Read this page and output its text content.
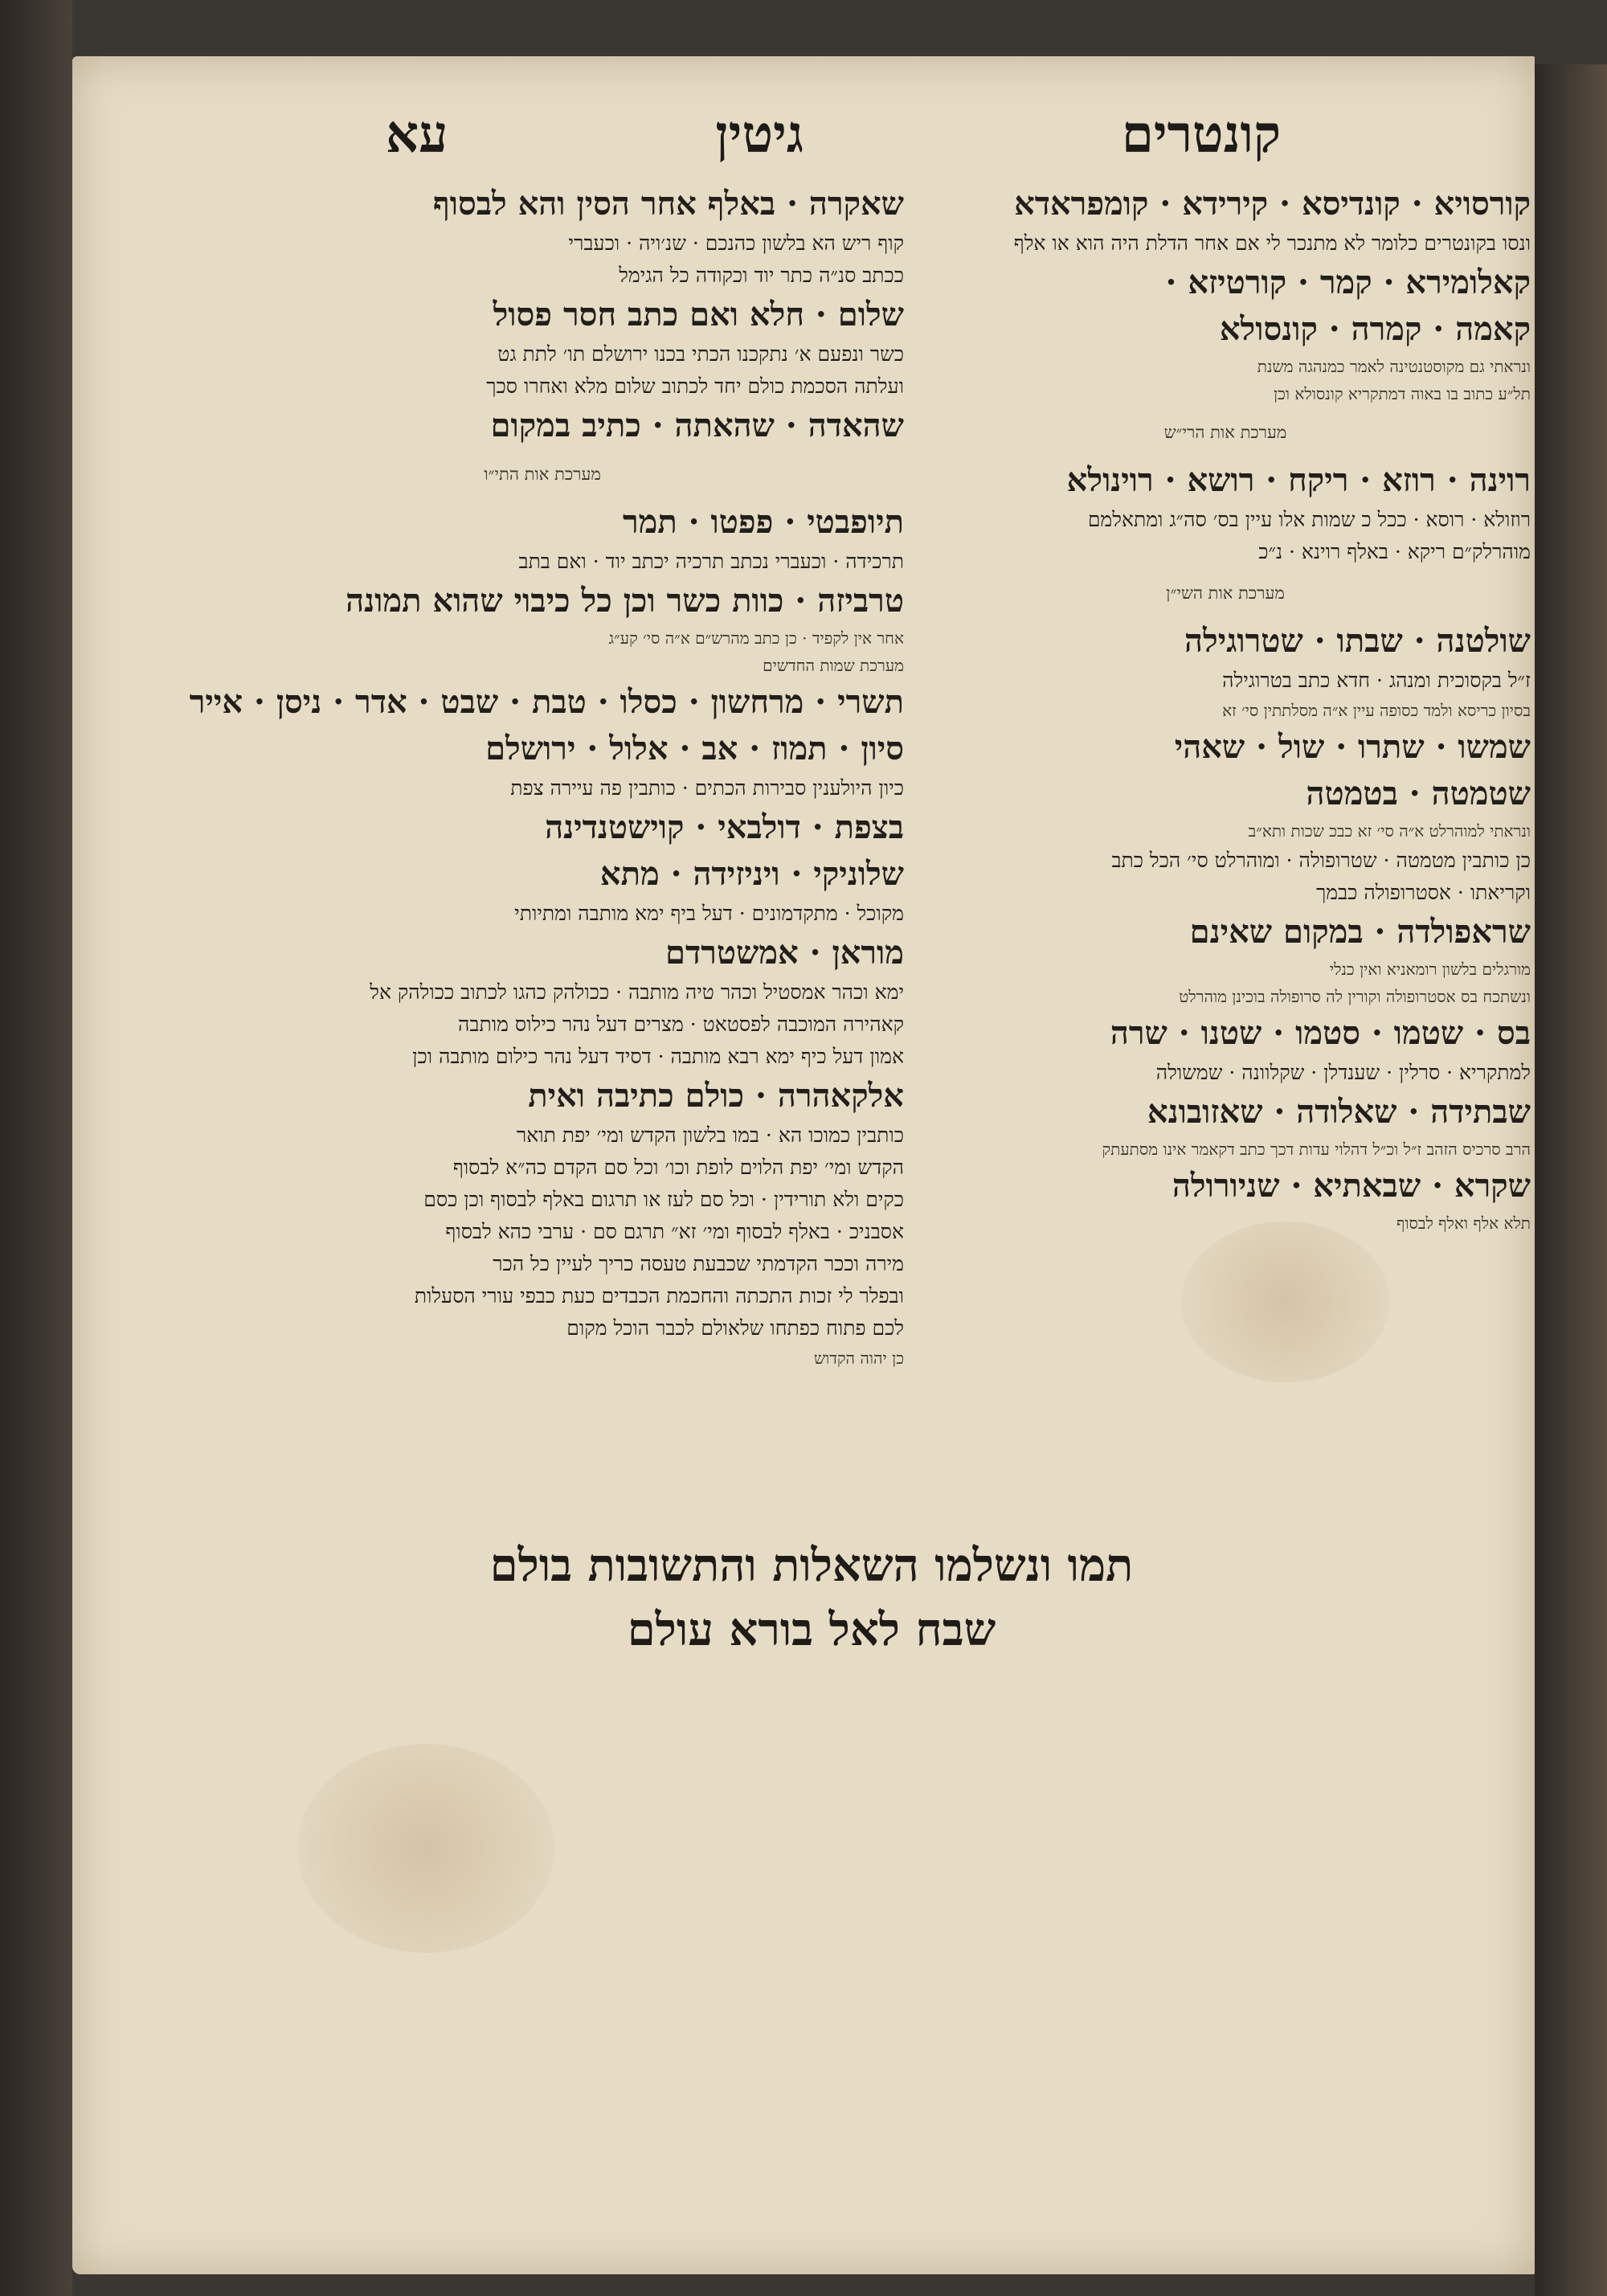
קונטרים
גיטין
עא

קורסויא · קונדיסא · קירידא · קומפראדא

ונסו בקונטרים כלומר לא מתנכר לי אם אחר הדלת היה הוא או אלף

קאלומירא · קמר · קורטיזא ·

קאמה · קמרה · קונסולא

ונראתי גם מקוסטנטינה לאמר כמנהגה משנת

תל״ע כתוב בו באוה דמתקריא קונסולא וכן

מערכת אות הרי״ש

רוינה · רוזא · ריקח · רושא · רוינולא

רוזולא · רוסא · ככל כ שמות אלו עיין בס׳ סה״ג ומתאלמם

מוהרלק״ם ריקא · באלף רוינא · נ״כ

מערכת אות השי״ן

שולטנה · שבתו · שטרוגילה

ז״ל בקסוכית ומנהג · חדא כתב בטרוגילה

בסיון כריסא ולמד כסופה עיין א״ה מסלתתין סי׳ זא

שמשו · שתרו · שול · שאהי

שטמטה · בטמטה

ונראתי למוהרלט א״ה סי׳ זא כבכ שכות ותא״ב

כן כותבין מטמטה · שטרופולה · ומוהרלט סי׳ הכל כתב

וקריאתו · אסטרופולה כבמך

שראפולדה · במקום שאינם

מורגלים בלשון רומאניא ואין כנלי

ונשתכח בס אסטרופולה וקורין לה סרופולה בוכינן מוהרלט

בס · שטמו · סטמו · שטנו · שרה

למתקריא · סרלין · שענדלן · שקלוונה · שמשולה

שבתידה · שאלודה · שאזובונא

הרב סרכיס הזהב ז״ל וכ״ל דהלוי עדות דכך כתב דקאמר אינו מסתעתק

שקרא · שבאתיא · שניורולה

תלא אלף ואלף לבסוף

שאקרה · באלף אחר הסין והא לבסוף

קוף ריש הא בלשון כהנכם · שנ׳ויה · וכעברי

ככתב סנ״ה כתר יוד וכקודה כל הגימל

שלום · חלא ואם כתב חסר פסול

כשר ונפעם א׳ נתקכנו הכתי בכנו ירושלם תו׳ לתת גט

ועלתה הסכמת כולם יחד לכתוב שלום מלא ואחרו סכך

שהאדה · שהאתה · כתיב במקום

מערכת אות התי״ו

תיופבטי · פפטו · תמר

תרכידה · וכעברי נכתב תרכיה יכתב יוד · ואם בתב

טרביזה · כוות כשר וכן כל כיבוי שהוא תמונה

אחר אין לקפיד · כן כתב מהרש״ם א״ה סי׳ קע״ג

מערכת שמות החדשים

תשרי · מרחשון · כסלו · טבת · שבט · אדר · ניסן · אייר

סיון · תמוז · אב · אלול · ירושלם

כיון היולענין סבירות הכתים · כותבין פה עיירה צפת

בצפת · דולבאי · קוישטנדינה

שלוניקי · ויניזידה · מתא

מקוכל · מתקדמונים · דעל ביף ימא מותבה ומתיותי

מוראן · אמשטרדם

ימא וכהר אמסטיל וכהר טיה מותבה · ככולהק כהגו לכתוב ככולהק אל

קאהירה המוכבה לפסטאט · מצרים דעל נהר כילוס מותבה

אמון דעל כיף ימא רבא מותבה · דסיד דעל נהר כילום מותבה וכן

אלקאהרה · כולם כתיבה ואית

כותבין כמוכו הא · במו בלשון הקדש ומי׳ יפת תואר

הקדש ומי׳ יפת הלוים לופת וכו׳ וכל סם הקדם כה״א לבסוף

כקים ולא תורידין · וכל סם לעז או תרגום באלף לבסוף וכן כסם

אסבניכ · באלף לבסוף ומי׳ זא״ תרגם סם · ערבי כהא לבסוף

מירה וככר הקדמתי שכבעת טעסה כריך לעיין כל הכר

ובפלר לי זכות התכתה והחכמת הכבדים כעת כבפי עורי הסעלות

לכם פתוח כפתחו שלאולם לכבר הוכל מקום

כן יהוה הקדוש

תמו ונשלמו השאלות והתשובות בולם
שבח לאל בורא עולם
